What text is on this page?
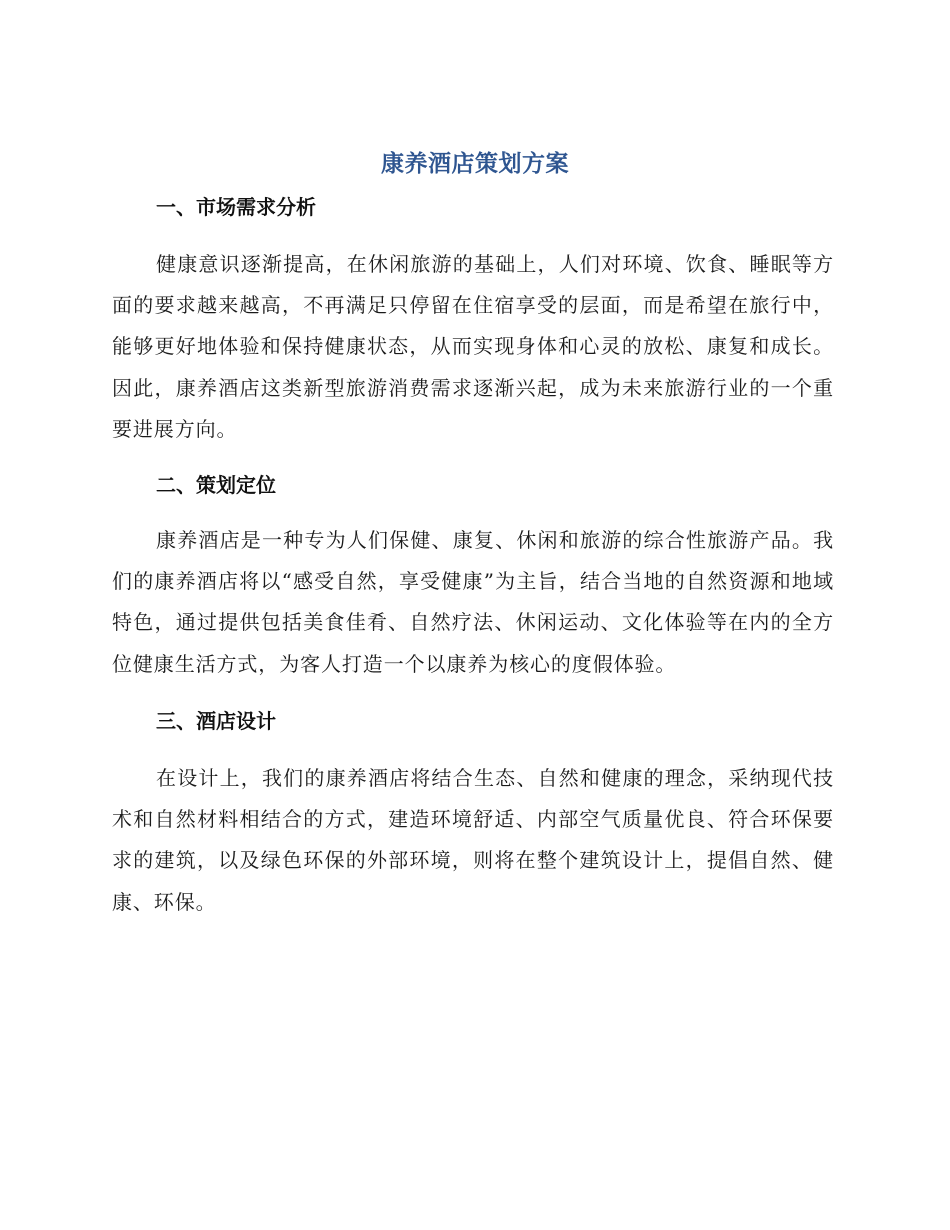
康养酒店策划方案
一、市场需求分析

健康意识逐渐提高，在休闲旅游的基础上，人们对环境、饮食、睡眠等方面的要求越来越高，不再满足只停留在住宿享受的层面，而是希望在旅行中，能够更好地体验和保持健康状态，从而实现身体和心灵的放松、康复和成长。因此，康养酒店这类新型旅游消费需求逐渐兴起，成为未来旅游行业的一个重要进展方向。

二、策划定位

康养酒店是一种专为人们保健、康复、休闲和旅游的综合性旅游产品。我们的康养酒店将以“感受自然，享受健康”为主旨，结合当地的自然资源和地域特色，通过提供包括美食佳肴、自然疗法、休闲运动、文化体验等在内的全方位健康生活方式，为客人打造一个以康养为核心的度假体验。

三、酒店设计

在设计上，我们的康养酒店将结合生态、自然和健康的理念，采纳现代技术和自然材料相结合的方式，建造环境舒适、内部空气质量优良、符合环保要求的建筑，以及绿色环保的外部环境，则将在整个建筑设计上，提倡自然、健康、环保。
